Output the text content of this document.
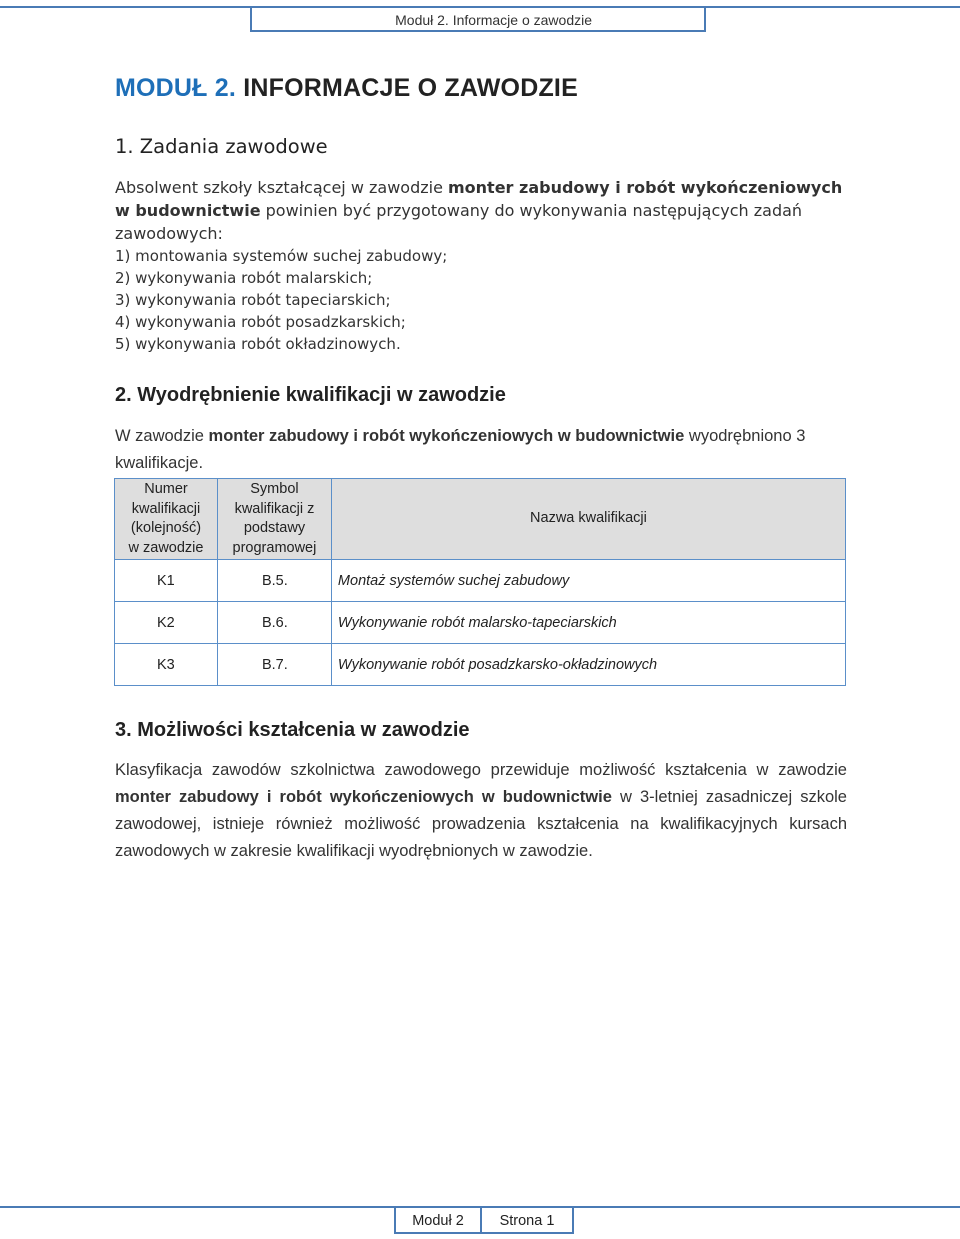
Moduł 2. Informacje o zawodzie
MODUŁ 2. INFORMACJE O ZAWODZIE
1. Zadania zawodowe
Absolwent szkoły kształcącej w zawodzie monter zabudowy i robót wykończeniowych w budownictwie powinien być przygotowany do wykonywania następujących zadań zawodowych:
1) montowania systemów suchej zabudowy;
2) wykonywania robót malarskich;
3) wykonywania robót tapeciarskich;
4) wykonywania robót posadzkarskich;
5) wykonywania robót okładzinowych.
2. Wyodrębnienie kwalifikacji w zawodzie
W zawodzie monter zabudowy i robót wykończeniowych w budownictwie wyodrębniono 3 kwalifikacje.
Numer kwalifikacji (kolejność) w zawodzie	Symbol kwalifikacji z podstawy programowej	Nazwa kwalifikacji
K1	B.5.	Montaż systemów suchej zabudowy
K2	B.6.	Wykonywanie robót malarsko-tapeciarskich
K3	B.7.	Wykonywanie robót posadzkarsko-okładzinowych
3. Możliwości kształcenia w zawodzie
Klasyfikacja zawodów szkolnictwa zawodowego przewiduje możliwość kształcenia w zawodzie monter zabudowy i robót wykończeniowych w budownictwie w 3-letniej zasadniczej szkole zawodowej, istnieje również możliwość prowadzenia kształcenia na kwalifikacyjnych kursach zawodowych w zakresie kwalifikacji wyodrębnionych w zawodzie.
Moduł 2	Strona 1
